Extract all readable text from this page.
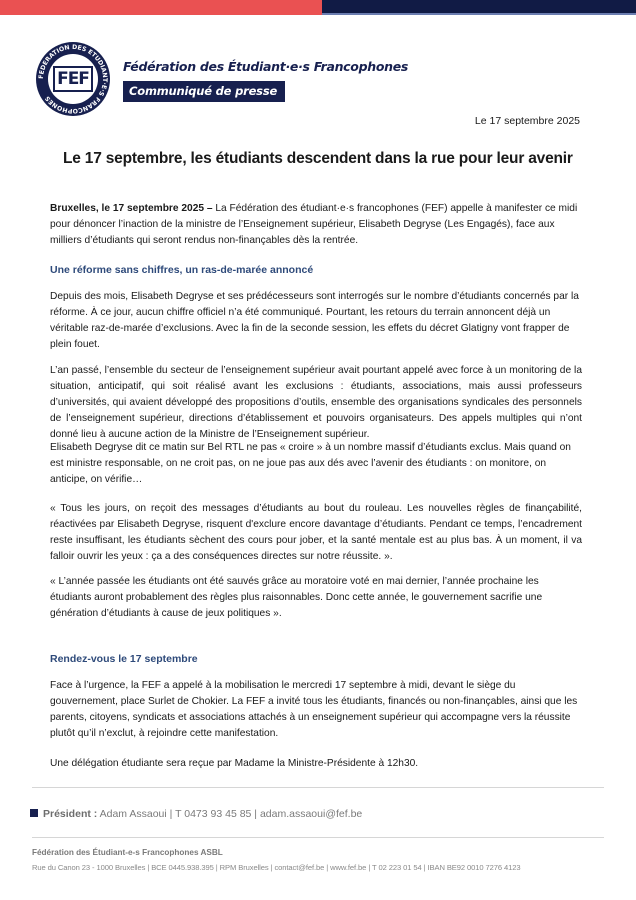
FEDERATION DES ETUDIANT·E·S FRANCOPHONES
FEF
Fédération des Étudiant·e·s Francophones
Communiqué de presse
Le 17 septembre 2025
Le 17 septembre, les étudiants descendent dans la rue pour leur avenir

Bruxelles, le 17 septembre 2025 – La Fédération des étudiant·e·s francophones (FEF) appelle à manifester ce midi pour dénoncer l’inaction de la ministre de l’Enseignement supérieur, Elisabeth Degryse (Les Engagés), face aux milliers d’étudiants qui seront rendus non-finançables dès la rentrée.

Une réforme sans chiffres, un ras-de-marée annoncé

Depuis des mois, Elisabeth Degryse et ses prédécesseurs sont interrogés sur le nombre d’étudiants concernés par la réforme. À ce jour, aucun chiffre officiel n’a été communiqué. Pourtant, les retours du terrain annoncent déjà un véritable raz-de-marée d’exclusions. Avec la fin de la seconde session, les effets du décret Glatigny vont frapper de plein fouet.

L’an passé, l’ensemble du secteur de l’enseignement supérieur avait pourtant appelé avec force à un monitoring de la situation, anticipatif, qui soit réalisé avant les exclusions : étudiants, associations, mais aussi professeurs d’universités, qui avaient développé des propositions d’outils, ensemble des organisations syndicales des personnels de l’enseignement supérieur, directions d’établissement et pouvoirs organisateurs. Des appels multiples qui n’ont donné lieu à aucune action de la Ministre de l’Enseignement supérieur.

Elisabeth Degryse dit ce matin sur Bel RTL ne pas « croire » à un nombre massif d’étudiants exclus. Mais quand on est ministre responsable, on ne croit pas, on ne joue pas aux dés avec l’avenir des étudiants : on monitore, on anticipe, on vérifie…

« Tous les jours, on reçoit des messages d’étudiants au bout du rouleau. Les nouvelles règles de finançabilité, réactivées par Elisabeth Degryse, risquent d'exclure encore davantage d’étudiants. Pendant ce temps, l’encadrement reste insuffisant, les étudiants sèchent des cours pour jober, et la santé mentale est au plus bas. À un moment, il va falloir ouvrir les yeux : ça a des conséquences directes sur notre réussite. ».

« L’année passée les étudiants ont été sauvés grâce au moratoire voté en mai dernier, l’année prochaine les étudiants auront probablement des règles plus raisonnables. Donc cette année, le gouvernement sacrifie une génération d’étudiants à cause de jeux politiques ».

Rendez-vous le 17 septembre

Face à l’urgence, la FEF a appelé à la mobilisation le mercredi 17 septembre à midi, devant le siège du gouvernement, place Surlet de Chokier. La FEF a invité tous les étudiants, financés ou non-finançables, ainsi que les parents, citoyens, syndicats et associations attachés à un enseignement supérieur qui accompagne vers la réussite plutôt qu’il n’exclut, à rejoindre cette manifestation.

Une délégation étudiante sera reçue par Madame la Ministre-Présidente à 12h30.

Président : Adam Assaoui | T 0473 93 45 85 | adam.assaoui@fef.be
Fédération des Étudiant-e-s Francophones ASBL
Rue du Canon 23 - 1000 Bruxelles | BCE 0445.938.395 | RPM Bruxelles | contact@fef.be | www.fef.be | T 02 223 01 54 | IBAN BE92 0010 7276 4123
